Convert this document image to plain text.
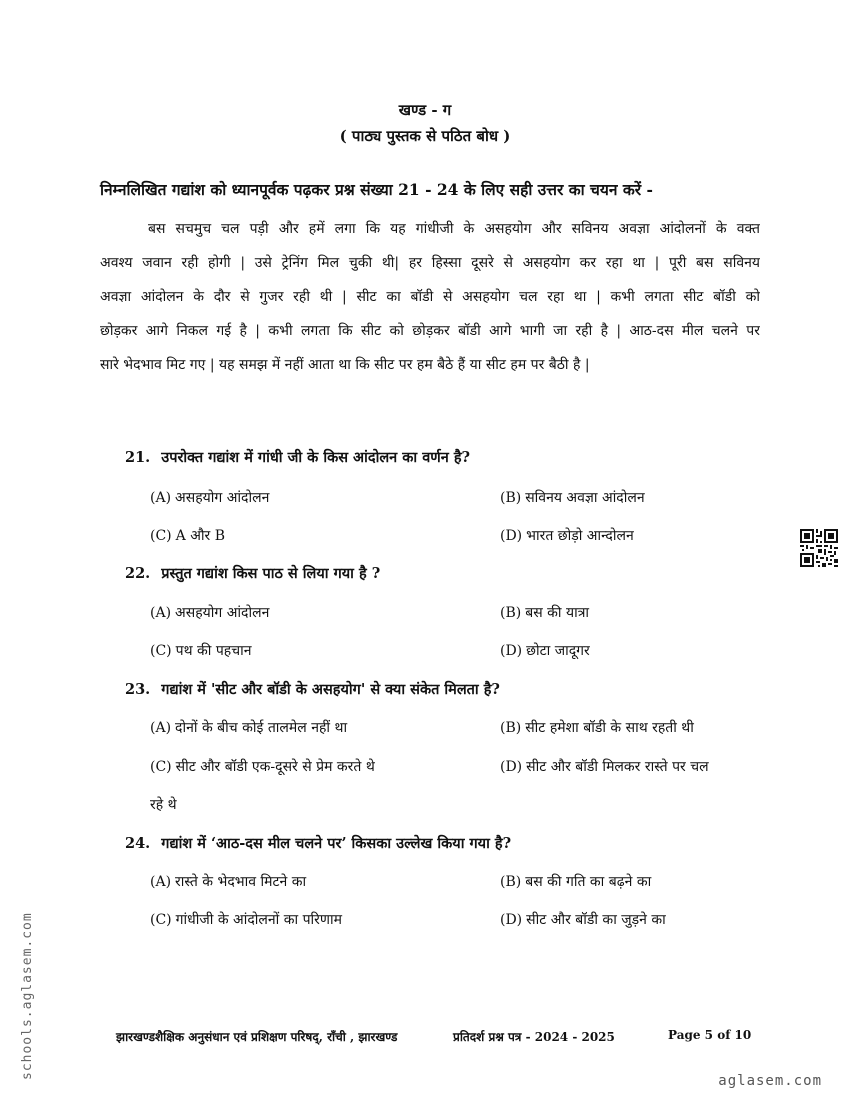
खण्ड - ग
( पाठ्य पुस्तक से पठित बोध )
निम्नलिखित गद्यांश को ध्यानपूर्वक पढ़कर प्रश्न संख्या 21 - 24 के लिए सही उत्तर का चयन करें -
बस सचमुच चल पड़ी और हमें लगा कि यह गांधीजी के असहयोग और सविनय अवज्ञा आंदोलनों के वक्त
अवश्य जवान रही होगी | उसे ट्रेनिंग मिल चुकी थी| हर हिस्सा दूसरे से असहयोग कर रहा था | पूरी बस सविनय
अवज्ञा आंदोलन के दौर से गुजर रही थी | सीट का बॉडी से असहयोग चल रहा था | कभी लगता सीट बॉडी को
छोड़कर आगे निकल गई है | कभी लगता कि सीट को छोड़कर बॉडी आगे भागी जा रही है | आठ-दस मील चलने पर
सारे भेदभाव मिट गए | यह समझ में नहीं आता था कि सीट पर हम बैठे हैं या सीट हम पर बैठी है |
21. उपरोक्त गद्यांश में गांधी जी के किस आंदोलन का वर्णन है?
(A) असहयोग आंदोलन	(B) सविनय अवज्ञा आंदोलन
(C) A और B	(D) भारत छोड़ो आन्दोलन
22. प्रस्तुत गद्यांश किस पाठ से लिया गया है ?
(A) असहयोग आंदोलन	(B) बस की यात्रा
(C) पथ की पहचान	(D) छोटा जादूगर
23. गद्यांश में 'सीट और बॉडी के असहयोग' से क्या संकेत मिलता है?
(A) दोनों के बीच कोई तालमेल नहीं था	(B) सीट हमेशा बॉडी के साथ रहती थी
(C) सीट और बॉडी एक-दूसरे से प्रेम करते थे	(D) सीट और बॉडी मिलकर रास्ते पर चल
रहे थे
24. गद्यांश में ‘आठ-दस मील चलने पर’ किसका उल्लेख किया गया है?
(A) रास्ते के भेदभाव मिटने का	(B) बस की गति का बढ़ने का
(C) गांधीजी के आंदोलनों का परिणाम	(D) सीट और बॉडी का जुड़ने का
झारखण्डशैक्षिक अनुसंधान एवं प्रशिक्षण परिषद्, राँची , झारखण्ड	प्रतिदर्श प्रश्न पत्र - 2024 - 2025	Page 5 of 10
schools.aglasem.com
aglasem.com
